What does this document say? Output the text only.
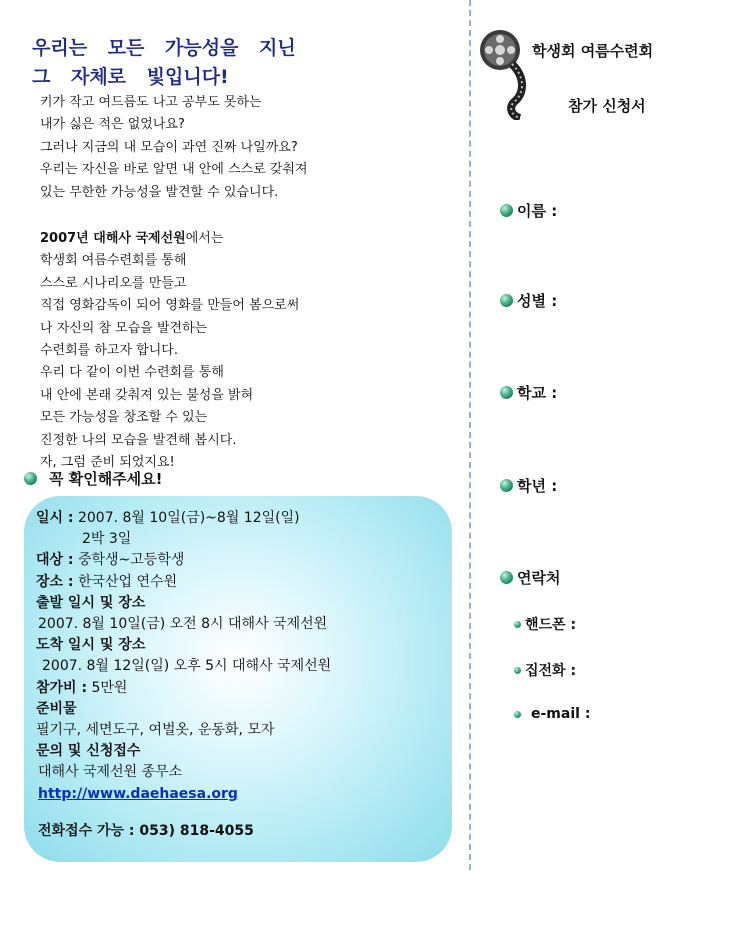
우리는 모든 가능성을 지닌
그 자체로 빛입니다!

키가 작고 여드름도 나고 공부도 못하는

내가 싫은 적은 없었나요?

그러나 지금의 내 모습이 과연 진짜 나일까요?

우리는 자신을 바로 알면 내 안에 스스로 갖춰져

있는 무한한 가능성을 발견할 수 있습니다.

2007년 대해사 국제선원에서는

학생회 여름수련회를 통해

스스로 시나리오를 만들고

직접 영화감독이 되어 영화를 만들어 봄으로써

나 자신의 참 모습을 발견하는

수련회를 하고자 합니다.

우리 다 같이 이번 수련회를 통해

내 안에 본래 갖춰져 있는 불성을 밝혀

모든 가능성을 창조할 수 있는

진정한 나의 모습을 발견해 봅시다.

자, 그럼 준비 되었지요!

꼭 확인해주세요!
일시 : 2007. 8월 10일(금)~8월 12일(일)
2박 3일
대상 : 중학생~고등학생
장소 : 한국산업 연수원
출발 일시 및 장소
2007. 8월 10일(금) 오전 8시 대해사 국제선원
도착 일시 및 장소
2007. 8월 12일(일) 오후 5시 대해사 국제선원
참가비 : 5만원
준비물
필기구, 세면도구, 여벌옷, 운동화, 모자
문의 및 신청접수
대해사 국제선원 종무소
http://www.daehaesa.org
전화접수 가능 : 053) 818-4055
학생회 여름수련회
참가 신청서
이름 :
성별 :
학교 :
학년 :
연락처
핸드폰 :
집전화 :
e-mail :
